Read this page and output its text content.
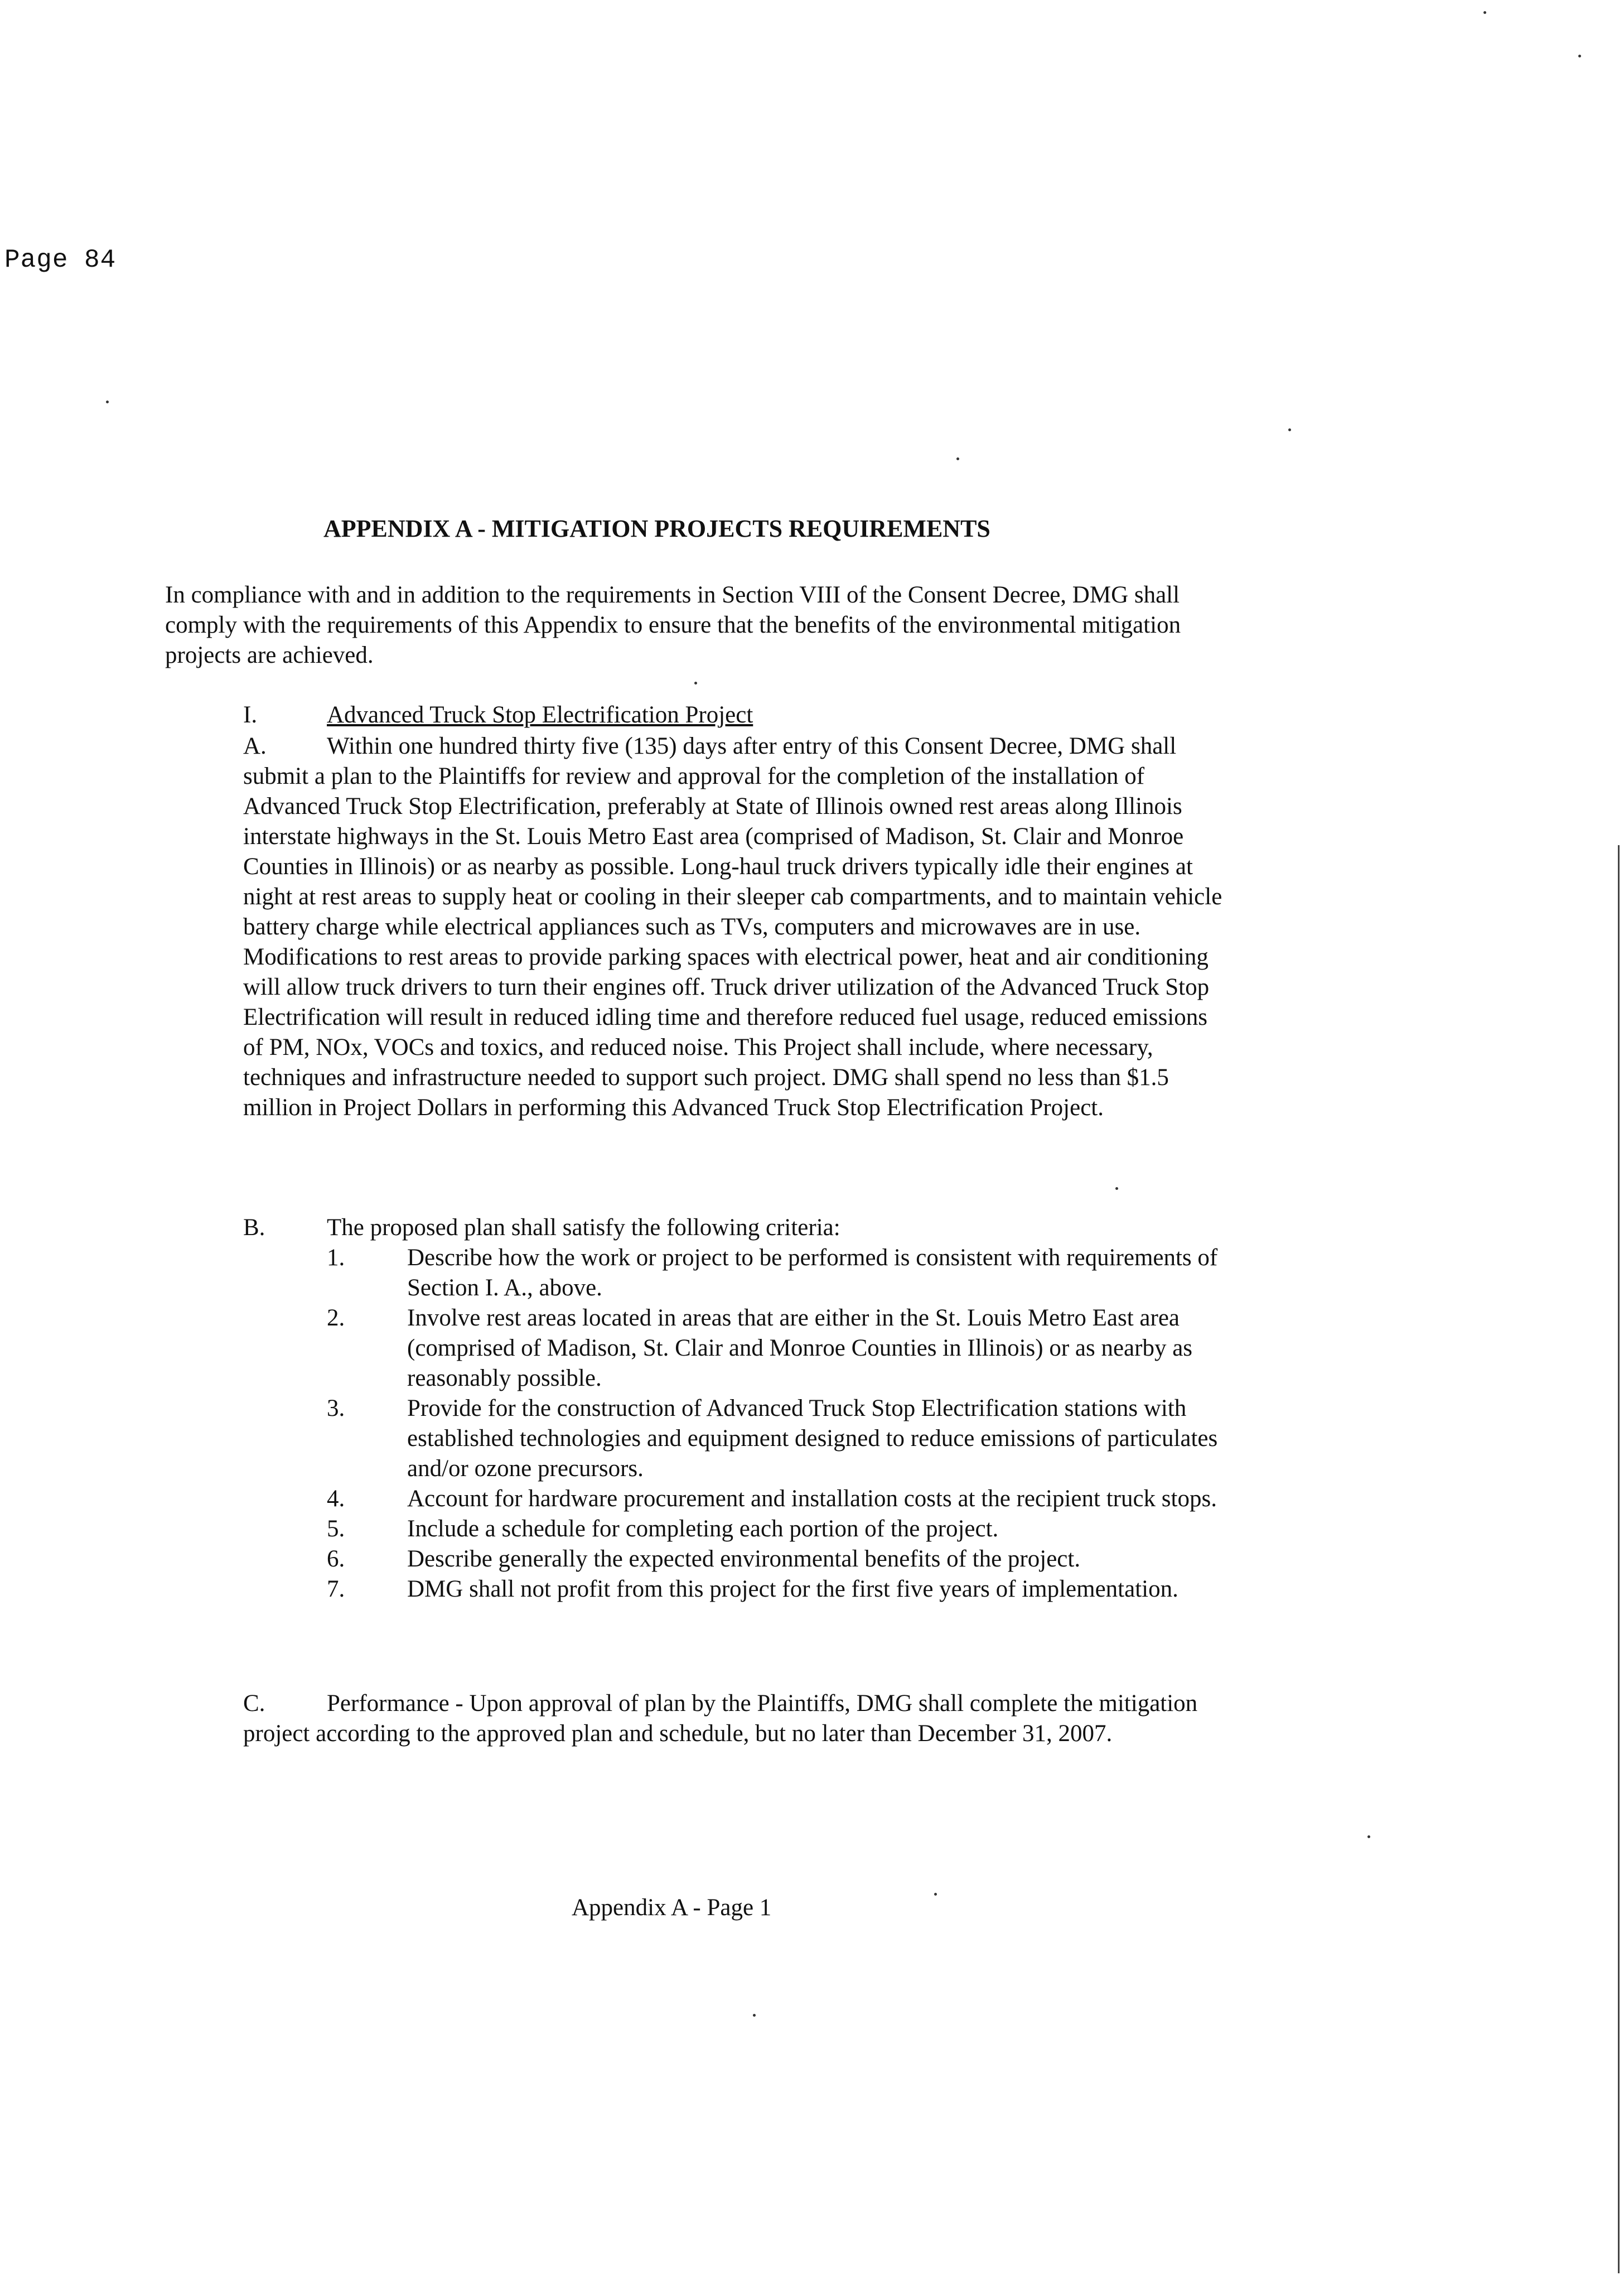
Page 84
APPENDIX A - MITIGATION PROJECTS REQUIREMENTS
In compliance with and in addition to the requirements in Section VIII of the Consent Decree, DMG shall comply with the requirements of this Appendix to ensure that the benefits of the environmental mitigation projects are achieved.
I.	Advanced Truck Stop Electrification Project
A.	Within one hundred thirty five (135) days after entry of this Consent Decree, DMG shall submit a plan to the Plaintiffs for review and approval for the completion of the installation of Advanced Truck Stop Electrification, preferably at State of Illinois owned rest areas along Illinois interstate highways in the St. Louis Metro East area (comprised of Madison, St. Clair and Monroe Counties in Illinois) or as nearby as possible. Long-haul truck drivers typically idle their engines at night at rest areas to supply heat or cooling in their sleeper cab compartments, and to maintain vehicle battery charge while electrical appliances such as TVs, computers and microwaves are in use. Modifications to rest areas to provide parking spaces with electrical power, heat and air conditioning will allow truck drivers to turn their engines off. Truck driver utilization of the Advanced Truck Stop Electrification will result in reduced idling time and therefore reduced fuel usage, reduced emissions of PM, NOx, VOCs and toxics, and reduced noise. This Project shall include, where necessary, techniques and infrastructure needed to support such project. DMG shall spend no less than $1.5 million in Project Dollars in performing this Advanced Truck Stop Electrification Project.
B.	The proposed plan shall satisfy the following criteria:
1.	Describe how the work or project to be performed is consistent with requirements of Section I. A., above.
2.	Involve rest areas located in areas that are either in the St. Louis Metro East area (comprised of Madison, St. Clair and Monroe Counties in Illinois) or as nearby as reasonably possible.
3.	Provide for the construction of Advanced Truck Stop Electrification stations with established technologies and equipment designed to reduce emissions of particulates and/or ozone precursors.
4.	Account for hardware procurement and installation costs at the recipient truck stops.
5.	Include a schedule for completing each portion of the project.
6.	Describe generally the expected environmental benefits of the project.
7.	DMG shall not profit from this project for the first five years of implementation.
C.	Performance - Upon approval of plan by the Plaintiffs, DMG shall complete the mitigation project according to the approved plan and schedule, but no later than December 31, 2007.
Appendix A - Page 1
